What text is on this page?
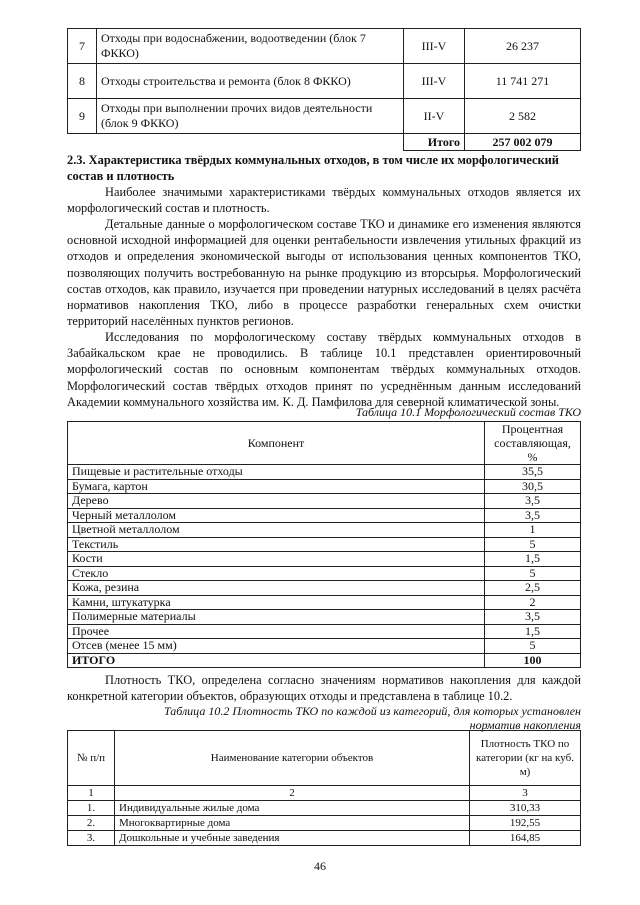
7	Отходы при водоснабжении, водоотведении (блок 7 ФККО)	III-V	26 237
8	Отходы строительства и ремонта (блок 8 ФККО)	III-V	11 741 271
9	Отходы при выполнении прочих видов деятельности (блок 9 ФККО)	II-V	2 582
		Итого	257 002 079

2.3. Характеристика твёрдых коммунальных отходов, в том числе их морфологический состав и плотность

Наиболее значимыми характеристиками твёрдых коммунальных отходов является их морфологический состав и плотность.

Детальные данные о морфологическом составе ТКО и динамике его изменения являются основной исходной информацией для оценки рентабельности извлечения утильных фракций из отходов и определения экономической выгоды от использования ценных компонентов ТКО, позволяющих получить востребованную на рынке продукцию из вторсырья. Морфологический состав отходов, как правило, изучается при проведении натурных исследований в целях расчёта нормативов накопления ТКО, либо в процессе разработки генеральных схем очистки территорий населённых пунктов регионов.

Исследования по морфологическому составу твёрдых коммунальных отходов в Забайкальском крае не проводились. В таблице 10.1 представлен ориентировочный морфологический состав по основным компонентам твёрдых коммунальных отходов. Морфологический состав твёрдых отходов принят по усреднённым данным исследований Академии коммунального хозяйства им. К. Д. Памфилова для северной климатической зоны.

Таблица 10.1 Морфологический состав ТКО

Компонент	Процентная составляющая, %
Пищевые и растительные отходы	35,5
Бумага, картон	30,5
Дерево	3,5
Черный металлолом	3,5
Цветной металлолом	1
Текстиль	5
Кости	1,5
Стекло	5
Кожа, резина	2,5
Камни, штукатурка	2
Полимерные материалы	3,5
Прочее	1,5
Отсев (менее 15 мм)	5
ИТОГО	100

Плотность ТКО, определена согласно значениям нормативов накопления для каждой конкретной категории объектов, образующих отходы и представлена в таблице 10.2.

Таблица 10.2 Плотность ТКО по каждой из категорий, для которых установлен

норматив накопления

№ п/п	Наименование категории объектов	Плотность ТКО по категории (кг на куб. м)
1	2	3
1.	Индивидуальные жилые дома	310,33
2.	Многоквартирные дома	192,55
3.	Дошкольные и учебные заведения	164,85
46
